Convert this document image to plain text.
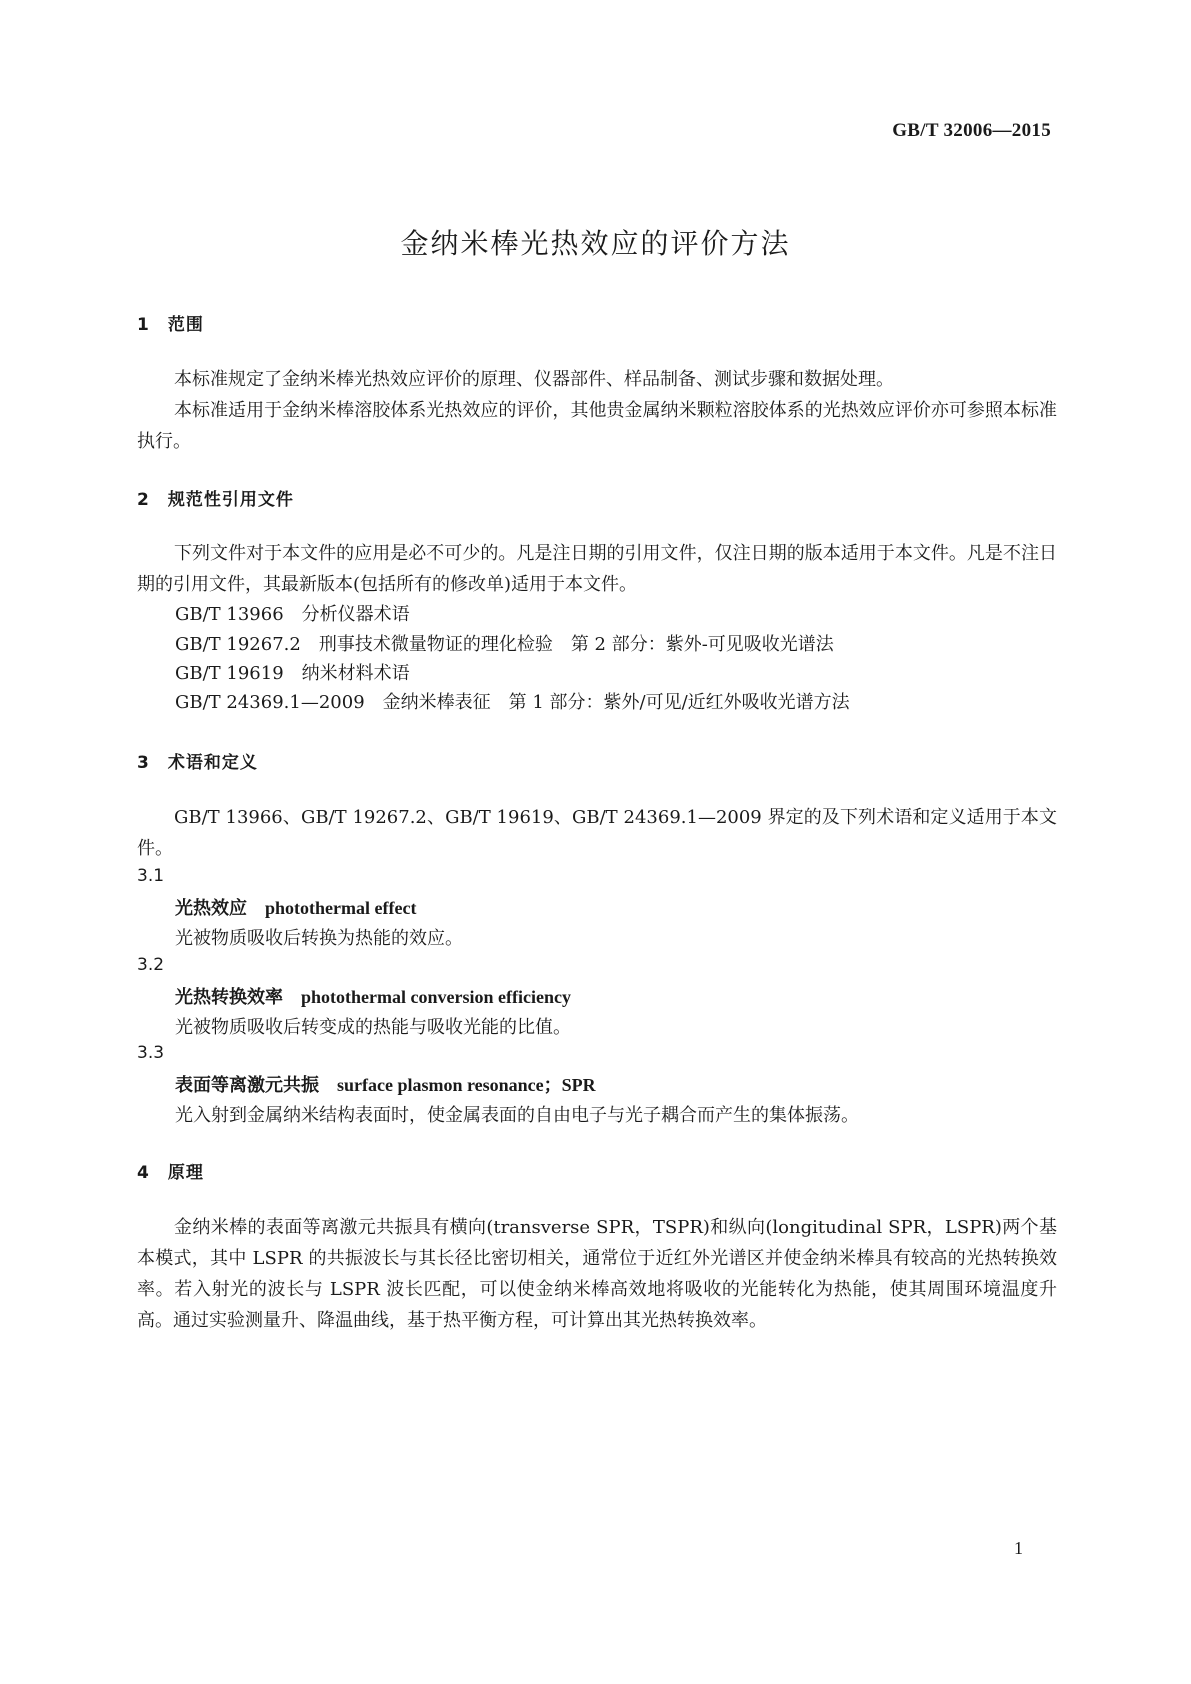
GB/T 32006—2015
金纳米棒光热效应的评价方法
1　范围

本标准规定了金纳米棒光热效应评价的原理、仪器部件、样品制备、测试步骤和数据处理。

本标准适用于金纳米棒溶胶体系光热效应的评价，其他贵金属纳米颗粒溶胶体系的光热效应评价亦可参照本标准执行。

2　规范性引用文件

下列文件对于本文件的应用是必不可少的。凡是注日期的引用文件，仅注日期的版本适用于本文件。凡是不注日期的引用文件，其最新版本(包括所有的修改单)适用于本文件。

GB/T 13966　分析仪器术语

GB/T 19267.2　刑事技术微量物证的理化检验　第 2 部分：紫外-可见吸收光谱法

GB/T 19619　纳米材料术语

GB/T 24369.1—2009　金纳米棒表征　第 1 部分：紫外/可见/近红外吸收光谱方法

3　术语和定义

GB/T 13966、GB/T 19267.2、GB/T 19619、GB/T 24369.1—2009 界定的及下列术语和定义适用于本文件。

3.1
光热效应　 photothermal effect
光被物质吸收后转换为热能的效应。
3.2
光热转换效率　 photothermal conversion efficiency
光被物质吸收后转变成的热能与吸收光能的比值。
3.3
表面等离激元共振　 surface plasmon resonance；SPR
光入射到金属纳米结构表面时，使金属表面的自由电子与光子耦合而产生的集体振荡。
4　原理

金纳米棒的表面等离激元共振具有横向(transverse SPR，TSPR)和纵向(longitudinal SPR，LSPR)两个基本模式，其中 LSPR 的共振波长与其长径比密切相关，通常位于近红外光谱区并使金纳米棒具有较高的光热转换效率。若入射光的波长与 LSPR 波长匹配，可以使金纳米棒高效地将吸收的光能转化为热能，使其周围环境温度升高。通过实验测量升、降温曲线，基于热平衡方程，可计算出其光热转换效率。

1
